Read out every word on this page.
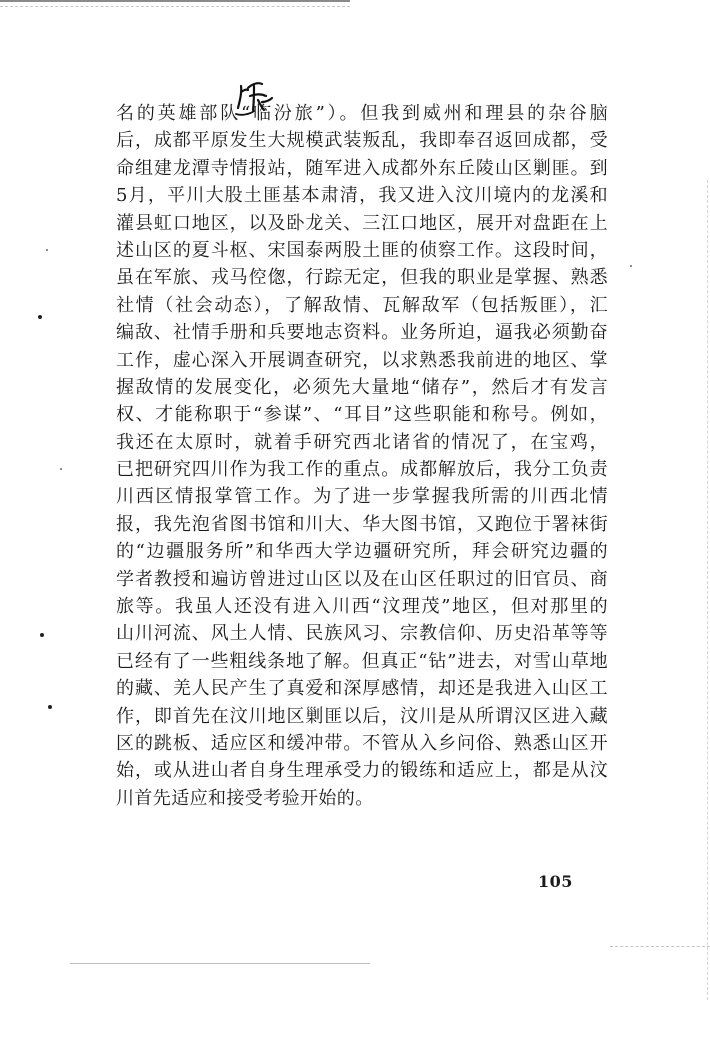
名的英雄部队“临汾旅”）。但我到威州和理县的杂谷脑
后，成都平原发生大规模武装叛乱，我即奉召返回成都，受
命组建龙潭寺情报站，随军进入成都外东丘陵山区剿匪。到
5月，平川大股土匪基本肃清，我又进入汶川境内的龙溪和
灌县虹口地区，以及卧龙关、三江口地区，展开对盘距在上
述山区的夏斗枢、宋国泰两股土匪的侦察工作。这段时间，
虽在军旅、戎马倥偬，行踪无定，但我的职业是掌握、熟悉
社情（社会动态），了解敌情、瓦解敌军（包括叛匪），汇
编敌、社情手册和兵要地志资料。业务所迫，逼我必须勤奋
工作，虚心深入开展调查研究，以求熟悉我前进的地区、掌
握敌情的发展变化，必须先大量地“储存”，然后才有发言
权、才能称职于“参谋”、“耳目”这些职能和称号。例如，
我还在太原时，就着手研究西北诸省的情况了，在宝鸡，
已把研究四川作为我工作的重点。成都解放后，我分工负责
川西区情报掌管工作。为了进一步掌握我所需的川西北情
报，我先泡省图书馆和川大、华大图书馆，又跑位于署袜街
的“边疆服务所”和华西大学边疆研究所，拜会研究边疆的
学者教授和遍访曾进过山区以及在山区任职过的旧官员、商
旅等。我虽人还没有进入川西“汶理茂”地区，但对那里的
山川河流、风土人情、民族风习、宗教信仰、历史沿革等等
已经有了一些粗线条地了解。但真正“钻”进去，对雪山草地
的藏、羌人民产生了真爱和深厚感情，却还是我进入山区工
作，即首先在汶川地区剿匪以后，汶川是从所谓汉区进入藏
区的跳板、适应区和缓冲带。不管从入乡问俗、熟悉山区开
始，或从进山者自身生理承受力的锻练和适应上，都是从汶
川首先适应和接受考验开始的。
105
